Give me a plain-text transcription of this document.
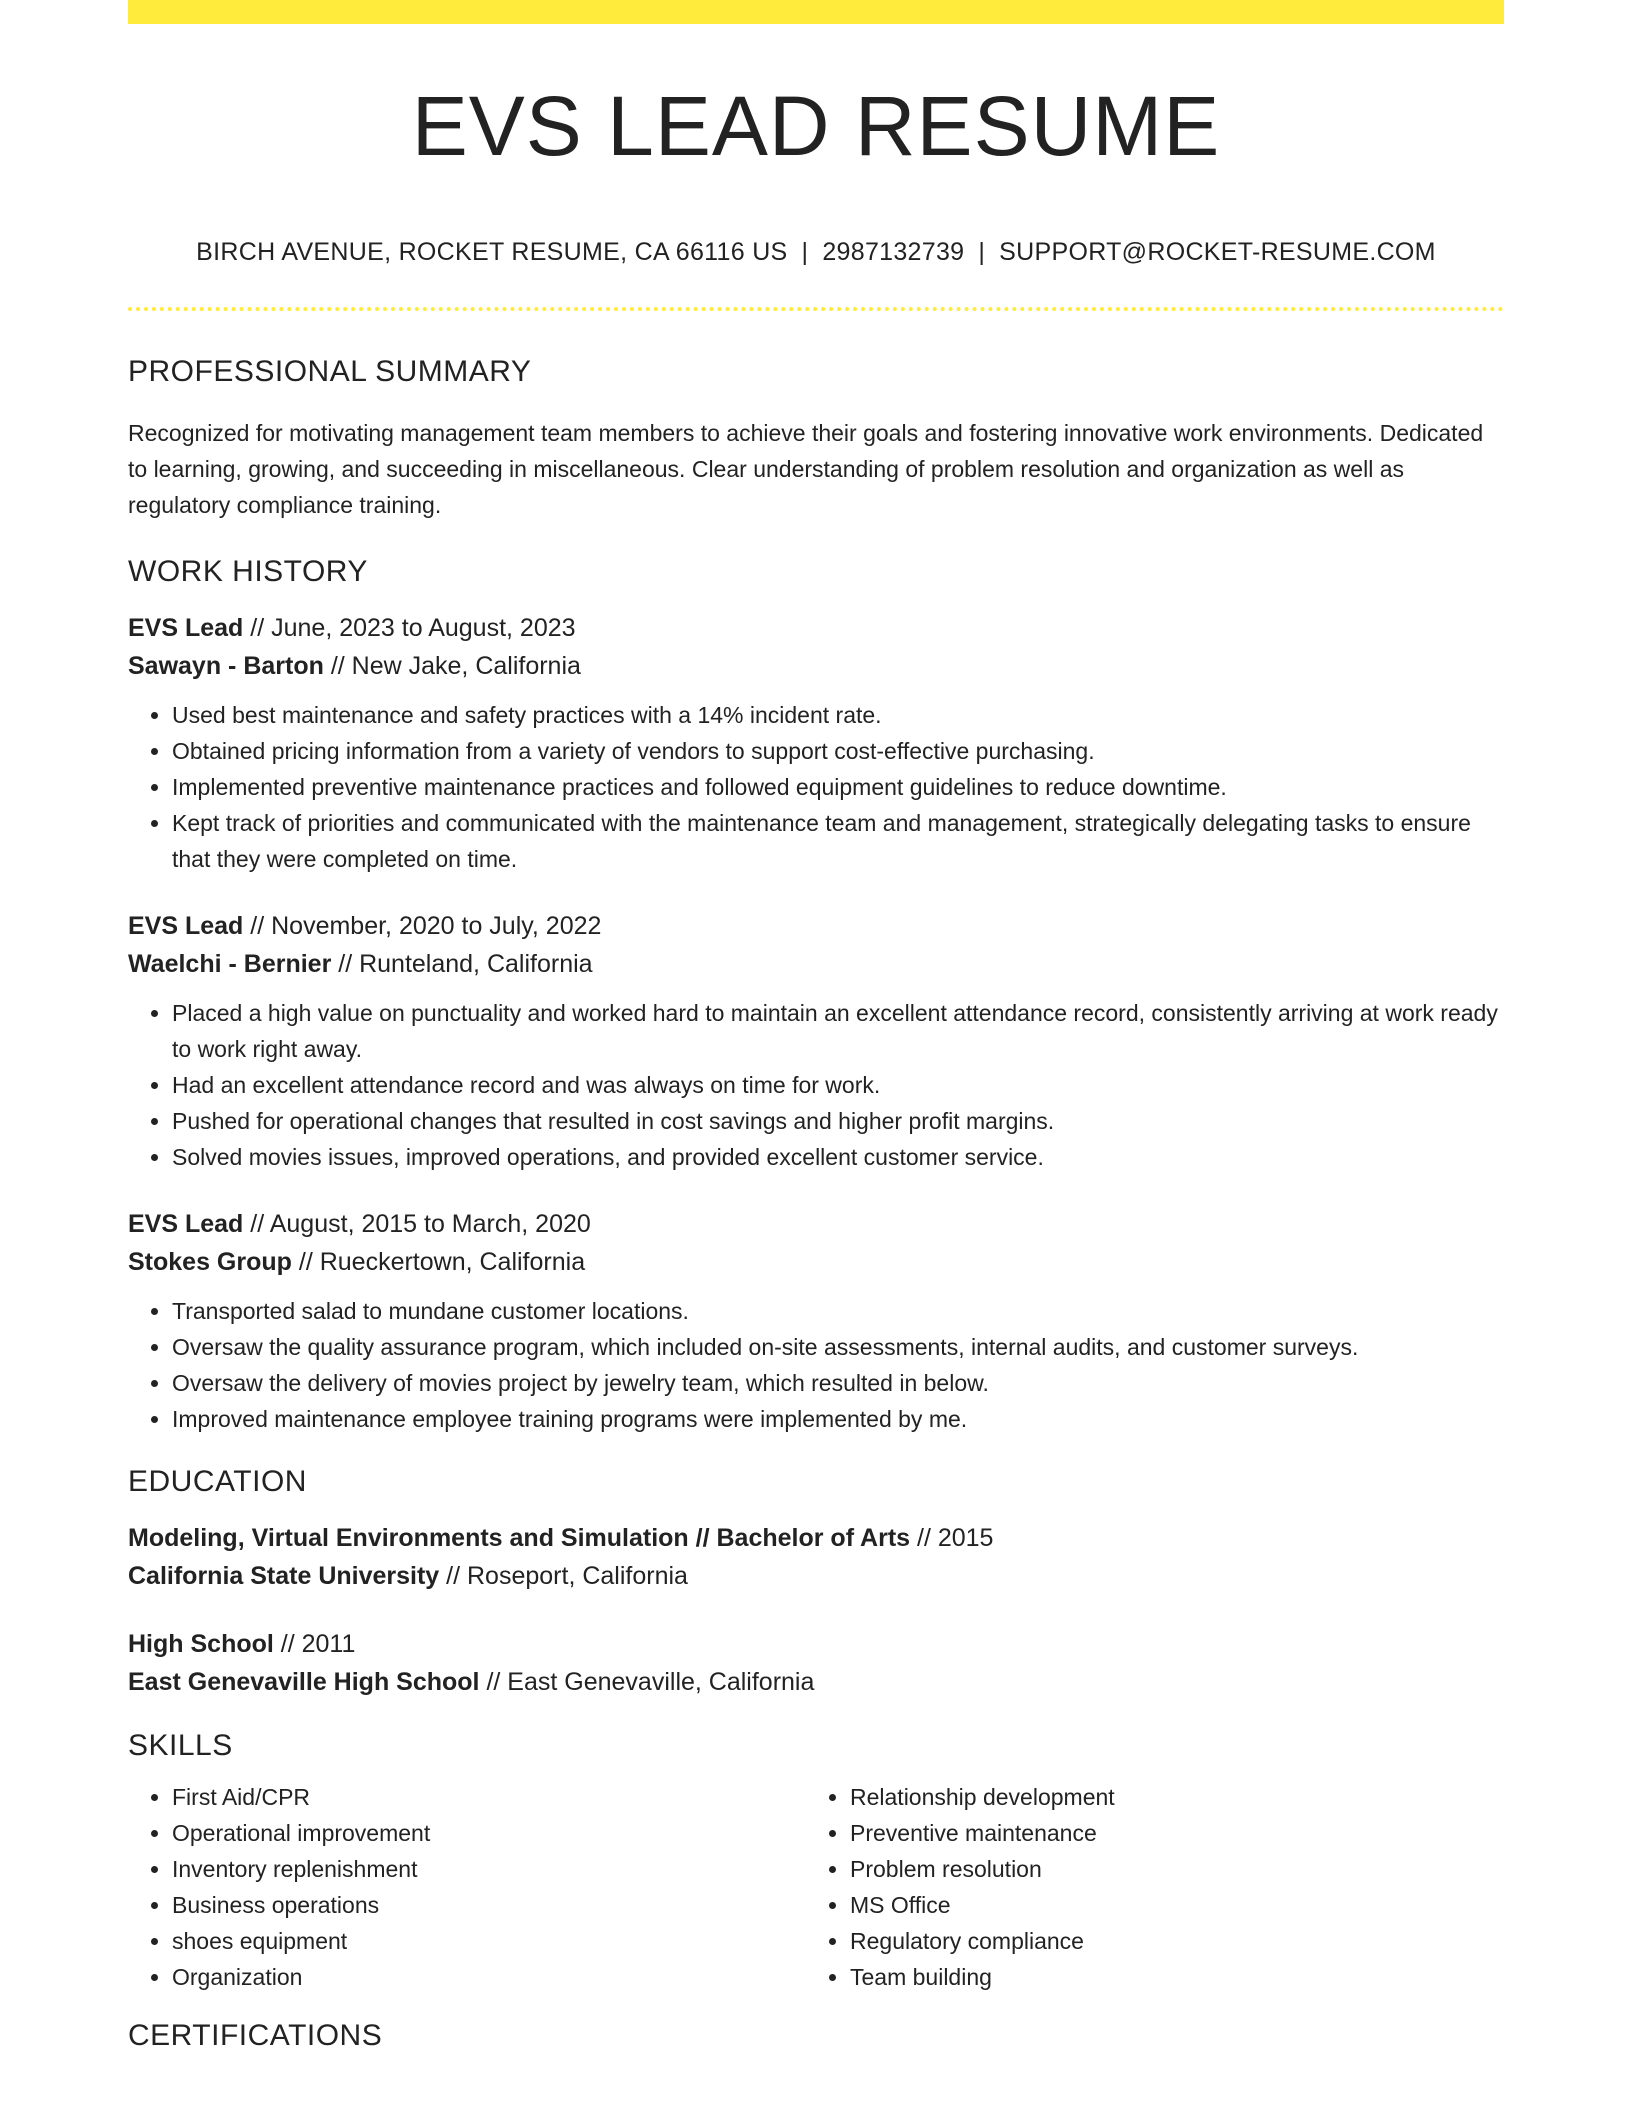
EVS LEAD RESUME
BIRCH AVENUE, ROCKET RESUME, CA 66116 US | 2987132739 | SUPPORT@ROCKET-RESUME.COM
PROFESSIONAL SUMMARY

Recognized for motivating management team members to achieve their goals and fostering innovative work environments. Dedicated to learning, growing, and succeeding in miscellaneous. Clear understanding of problem resolution and organization as well as regulatory compliance training.

WORK HISTORY
EVS Lead // June, 2023 to August, 2023
Sawayn - Barton // New Jake, California
• Used best maintenance and safety practices with a 14% incident rate.
• Obtained pricing information from a variety of vendors to support cost-effective purchasing.
• Implemented preventive maintenance practices and followed equipment guidelines to reduce downtime.
• Kept track of priorities and communicated with the maintenance team and management, strategically delegating tasks to ensure that they were completed on time.
EVS Lead // November, 2020 to July, 2022
Waelchi - Bernier // Runteland, California
• Placed a high value on punctuality and worked hard to maintain an excellent attendance record, consistently arriving at work ready to work right away.
• Had an excellent attendance record and was always on time for work.
• Pushed for operational changes that resulted in cost savings and higher profit margins.
• Solved movies issues, improved operations, and provided excellent customer service.
EVS Lead // August, 2015 to March, 2020
Stokes Group // Rueckertown, California
• Transported salad to mundane customer locations.
• Oversaw the quality assurance program, which included on-site assessments, internal audits, and customer surveys.
• Oversaw the delivery of movies project by jewelry team, which resulted in below.
• Improved maintenance employee training programs were implemented by me.
EDUCATION
Modeling, Virtual Environments and Simulation // Bachelor of Arts // 2015
California State University // Roseport, California
High School // 2011
East Genevaville High School // East Genevaville, California
SKILLS
• First Aid/CPR
• Operational improvement
• Inventory replenishment
• Business operations
• shoes equipment
• Organization
• Relationship development
• Preventive maintenance
• Problem resolution
• MS Office
• Regulatory compliance
• Team building
CERTIFICATIONS
